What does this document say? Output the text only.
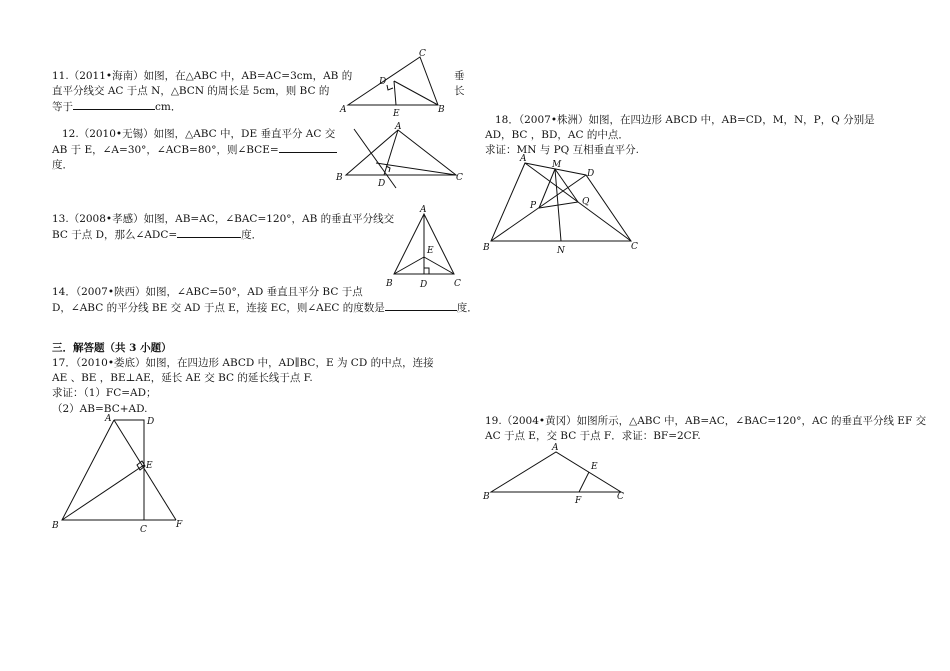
11.（2011•海南）如图，在△ABC 中，AB=AC=3cm，AB 的
直平分线交 AC 于点 N，△BCN 的周长是 5cm，则 BC 的
等于	cm．
垂
长
C
D
A	E	B
12.（2010•无锡）如图，△ABC 中，DE 垂直平分 AC 交
AB 于 E，∠A=30°，∠ACB=80°，则∠BCE=
度．
A
B
D
C
13.（2008•孝感）如图，AB=AC，∠BAC=120°，AB 的垂直平分线交
BC 于点 D，那么∠ADC=	度．
A
E
B	D	C
14．（2007•陕西）如图，∠ABC=50°，AD 垂直且平分 BC 于点
D，∠ABC 的平分线 BE 交 AD 于点 E，连接 EC，则∠AEC 的度数是	度．
三．解答题（共 3 小题）
17．（2010•娄底）如图，在四边形 ABCD 中，AD∥BC，E 为 CD 的中点，连接
AE 、BE ，BE⊥AE，延长 AE 交 BC 的延长线于点 F.
求证：（1）FC=AD；
（2）AB=BC+AD.
A	D
E
B	C	F
18．（2007•株洲）如图，在四边形 ABCD 中，AB=CD，M，N，P，Q 分别是
AD，BC ，BD，AC 的中点．
求证：MN 与 PQ 互相垂直平分.
A
M
D
P	Q
B	N	C
19.（2004•黄冈）如图所示，△ABC 中，AB=AC，∠BAC=120°，AC 的垂直平分线 EF 交
AC 于点 E，交 BC 于点 F．求证：BF=2CF.
A
E
B	F	C
